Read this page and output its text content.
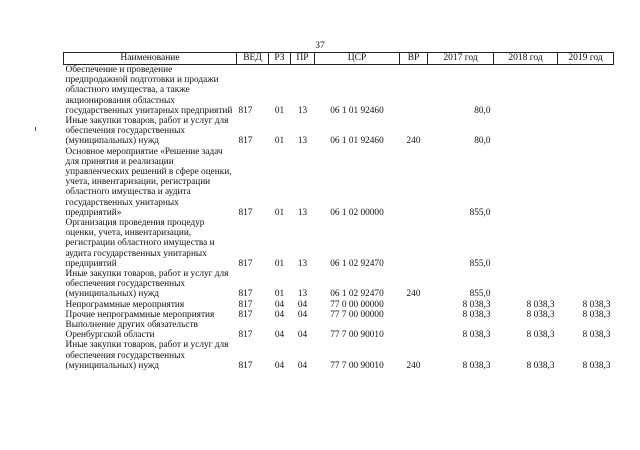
37
Наименование	ВЕД	РЗ	ПР	ЦСР	ВР	2017 год	2018 год	2019 год
Обеспечение и проведение предпродажной подготовки и продажи областного имущества, а также акционирования областных государственных унитарных предприятий	817	01	13	06 1 01 92460		80,0		
Иные закупки товаров, работ и услуг для обеспечения государственных (муниципальных) нужд	817	01	13	06 1 01 92460	240	80,0		
Основное мероприятие «Решение задач для принятия и реализации управленческих решений в сфере оценки, учета, инвентаризации, регистрации областного имущества и аудита государственных унитарных предприятий»	817	01	13	06 1 02 00000		855,0		
Организация проведения процедур оценки, учета, инвентаризации, регистрации областного имущества и аудита государственных унитарных предприятий	817	01	13	06 1 02 92470		855,0		
Иные закупки товаров, работ и услуг для обеспечения государственных (муниципальных) нужд	817	01	13	06 1 02 92470	240	855,0		
Непрограммные мероприятия	817	04	04	77 0 00 00000		8 038,3	8 038,3	8 038,3
Прочие непрограммные мероприятия	817	04	04	77 7 00 00000		8 038,3	8 038,3	8 038,3
Выполнение других обязательств Оренбургской области	817	04	04	77 7 00 90010		8 038,3	8 038,3	8 038,3
Иные закупки товаров, работ и услуг для обеспечения государственных (муниципальных) нужд	817	04	04	77 7 00 90010	240	8 038,3	8 038,3	8 038,3
